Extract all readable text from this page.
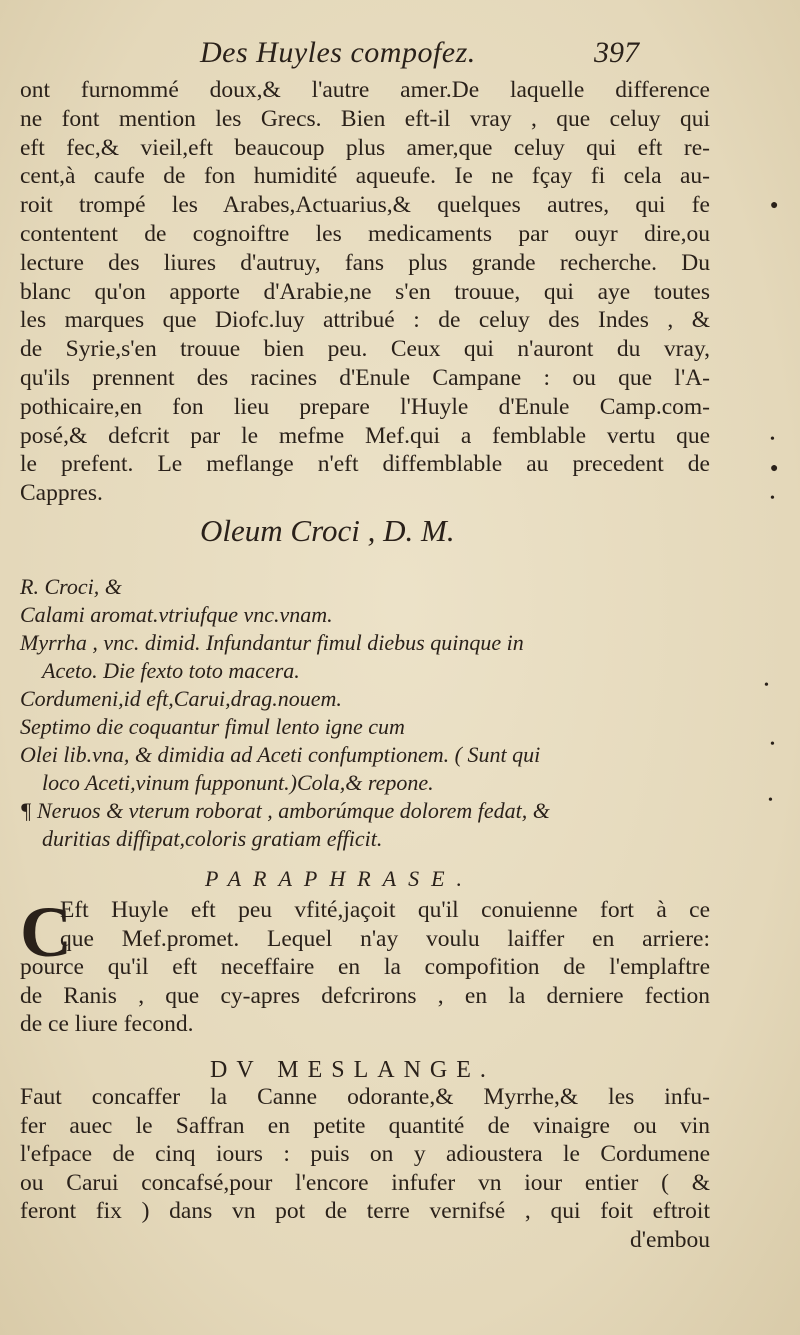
Des Huyles compofez.	397
ont furnommé doux,& l'autre amer.De laquelle difference
ne font mention les Grecs. Bien eft-il vray , que celuy qui
eft fec,& vieil,eft beaucoup plus amer,que celuy qui eft re-
cent,à caufe de fon humidité aqueufe. Ie ne fçay fi cela au-
roit trompé les Arabes,Actuarius,& quelques autres, qui fe
contentent de cognoiftre les medicaments par ouyr dire,ou
lecture des liures d'autruy, fans plus grande recherche. Du
blanc qu'on apporte d'Arabie,ne s'en trouue, qui aye toutes
les marques que Diofc.luy attribué : de celuy des Indes , &
de Syrie,s'en trouue bien peu. Ceux qui n'auront du vray,
qu'ils prennent des racines d'Enule Campane : ou que l'A-
pothicaire,en fon lieu prepare l'Huyle d'Enule Camp.com-
posé,& defcrit par le mefme Mef.qui a femblable vertu que
le prefent. Le meflange n'eft diffemblable au precedent de
Cappres.
Oleum Croci , D. M.
R. Croci, &
Calami aromat.vtriufque vnc.vnam.
Myrrha , vnc. dimid. Infundantur fimul diebus quinque in
Aceto. Die fexto toto macera.
Cordumeni,id eft,Carui,drag.nouem.
Septimo die coquantur fimul lento igne cum
Olei lib.vna, & dimidia ad Aceti confumptionem. ( Sunt qui
loco Aceti,vinum fupponunt.)Cola,& repone.
¶ Neruos & vterum roborat , amborúmque dolorem fedat, &
duritias diffipat,coloris gratiam efficit.
PARAPHRASE.
C
Eft Huyle eft peu vfité,jaçoit qu'il conuienne fort à ce
que Mef.promet. Lequel n'ay voulu laiffer en arriere:
pource qu'il eft neceffaire en la compofition de l'emplaftre
de Ranis , que cy-apres defcrirons , en la derniere fection
de ce liure fecond.
DV MESLANGE.
Faut concaffer la Canne odorante,& Myrrhe,& les infu-
fer auec le Saffran en petite quantité de vinaigre ou vin
l'efpace de cinq iours : puis on y adioustera le Cordumene
ou Carui concafsé,pour l'encore infufer vn iour entier ( &
feront fix ) dans vn pot de terre vernifsé , qui foit eftroit
d'embou
●
•
●
•
•
•
•
